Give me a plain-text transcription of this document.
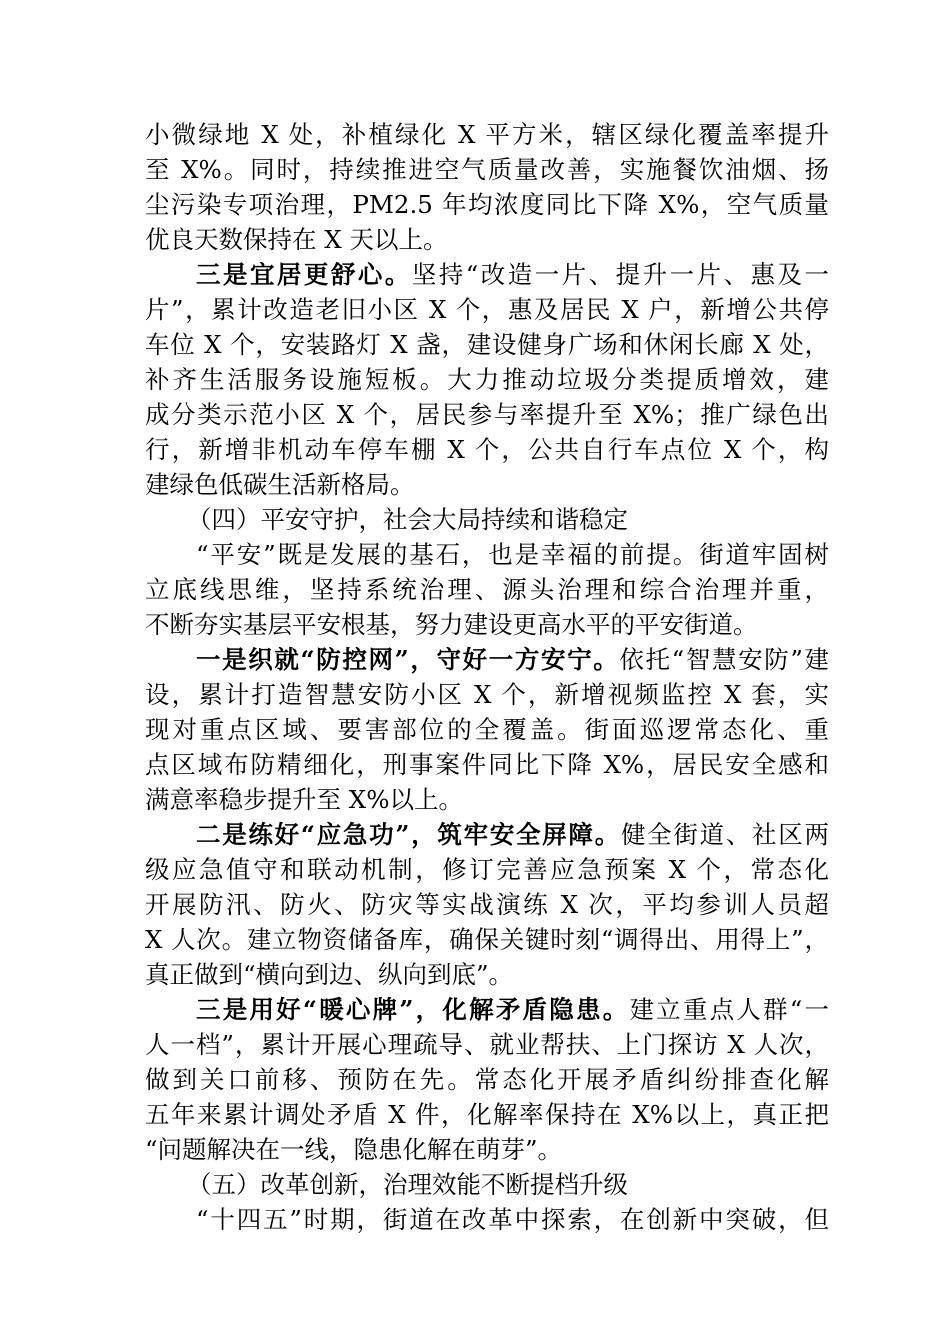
小微绿地 X 处，补植绿化 X 平方米，辖区绿化覆盖率提升
至 X%。同时，持续推进空气质量改善，实施餐饮油烟、扬
尘污染专项治理，PM2.5 年均浓度同比下降 X%，空气质量
优良天数保持在 X 天以上。
三是宜居更舒心。坚持“改造一片、提升一片、惠及一
片”，累计改造老旧小区 X 个，惠及居民 X 户，新增公共停
车位 X 个，安装路灯 X 盏，建设健身广场和休闲长廊 X 处，
补齐生活服务设施短板。大力推动垃圾分类提质增效，建
成分类示范小区 X 个，居民参与率提升至 X%；推广绿色出
行，新增非机动车停车棚 X 个，公共自行车点位 X 个，构
建绿色低碳生活新格局。
（四）平安守护，社会大局持续和谐稳定
“平安”既是发展的基石，也是幸福的前提。街道牢固树
立底线思维，坚持系统治理、源头治理和综合治理并重，
不断夯实基层平安根基，努力建设更高水平的平安街道。
一是织就“防控网”，守好一方安宁。依托“智慧安防”建
设，累计打造智慧安防小区 X 个，新增视频监控 X 套，实
现对重点区域、要害部位的全覆盖。街面巡逻常态化、重
点区域布防精细化，刑事案件同比下降 X%，居民安全感和
满意率稳步提升至 X%以上。
二是练好“应急功”，筑牢安全屏障。健全街道、社区两
级应急值守和联动机制，修订完善应急预案 X 个，常态化
开展防汛、防火、防灾等实战演练 X 次，平均参训人员超
X 人次。建立物资储备库，确保关键时刻“调得出、用得上”，
真正做到“横向到边、纵向到底”。
三是用好“暖心牌”，化解矛盾隐患。建立重点人群“一
人一档”，累计开展心理疏导、就业帮扶、上门探访 X 人次，
做到关口前移、预防在先。常态化开展矛盾纠纷排查化解
五年来累计调处矛盾 X 件，化解率保持在 X%以上，真正把
“问题解决在一线，隐患化解在萌芽”。
（五）改革创新，治理效能不断提档升级
“十四五”时期，街道在改革中探索，在创新中突破，但
